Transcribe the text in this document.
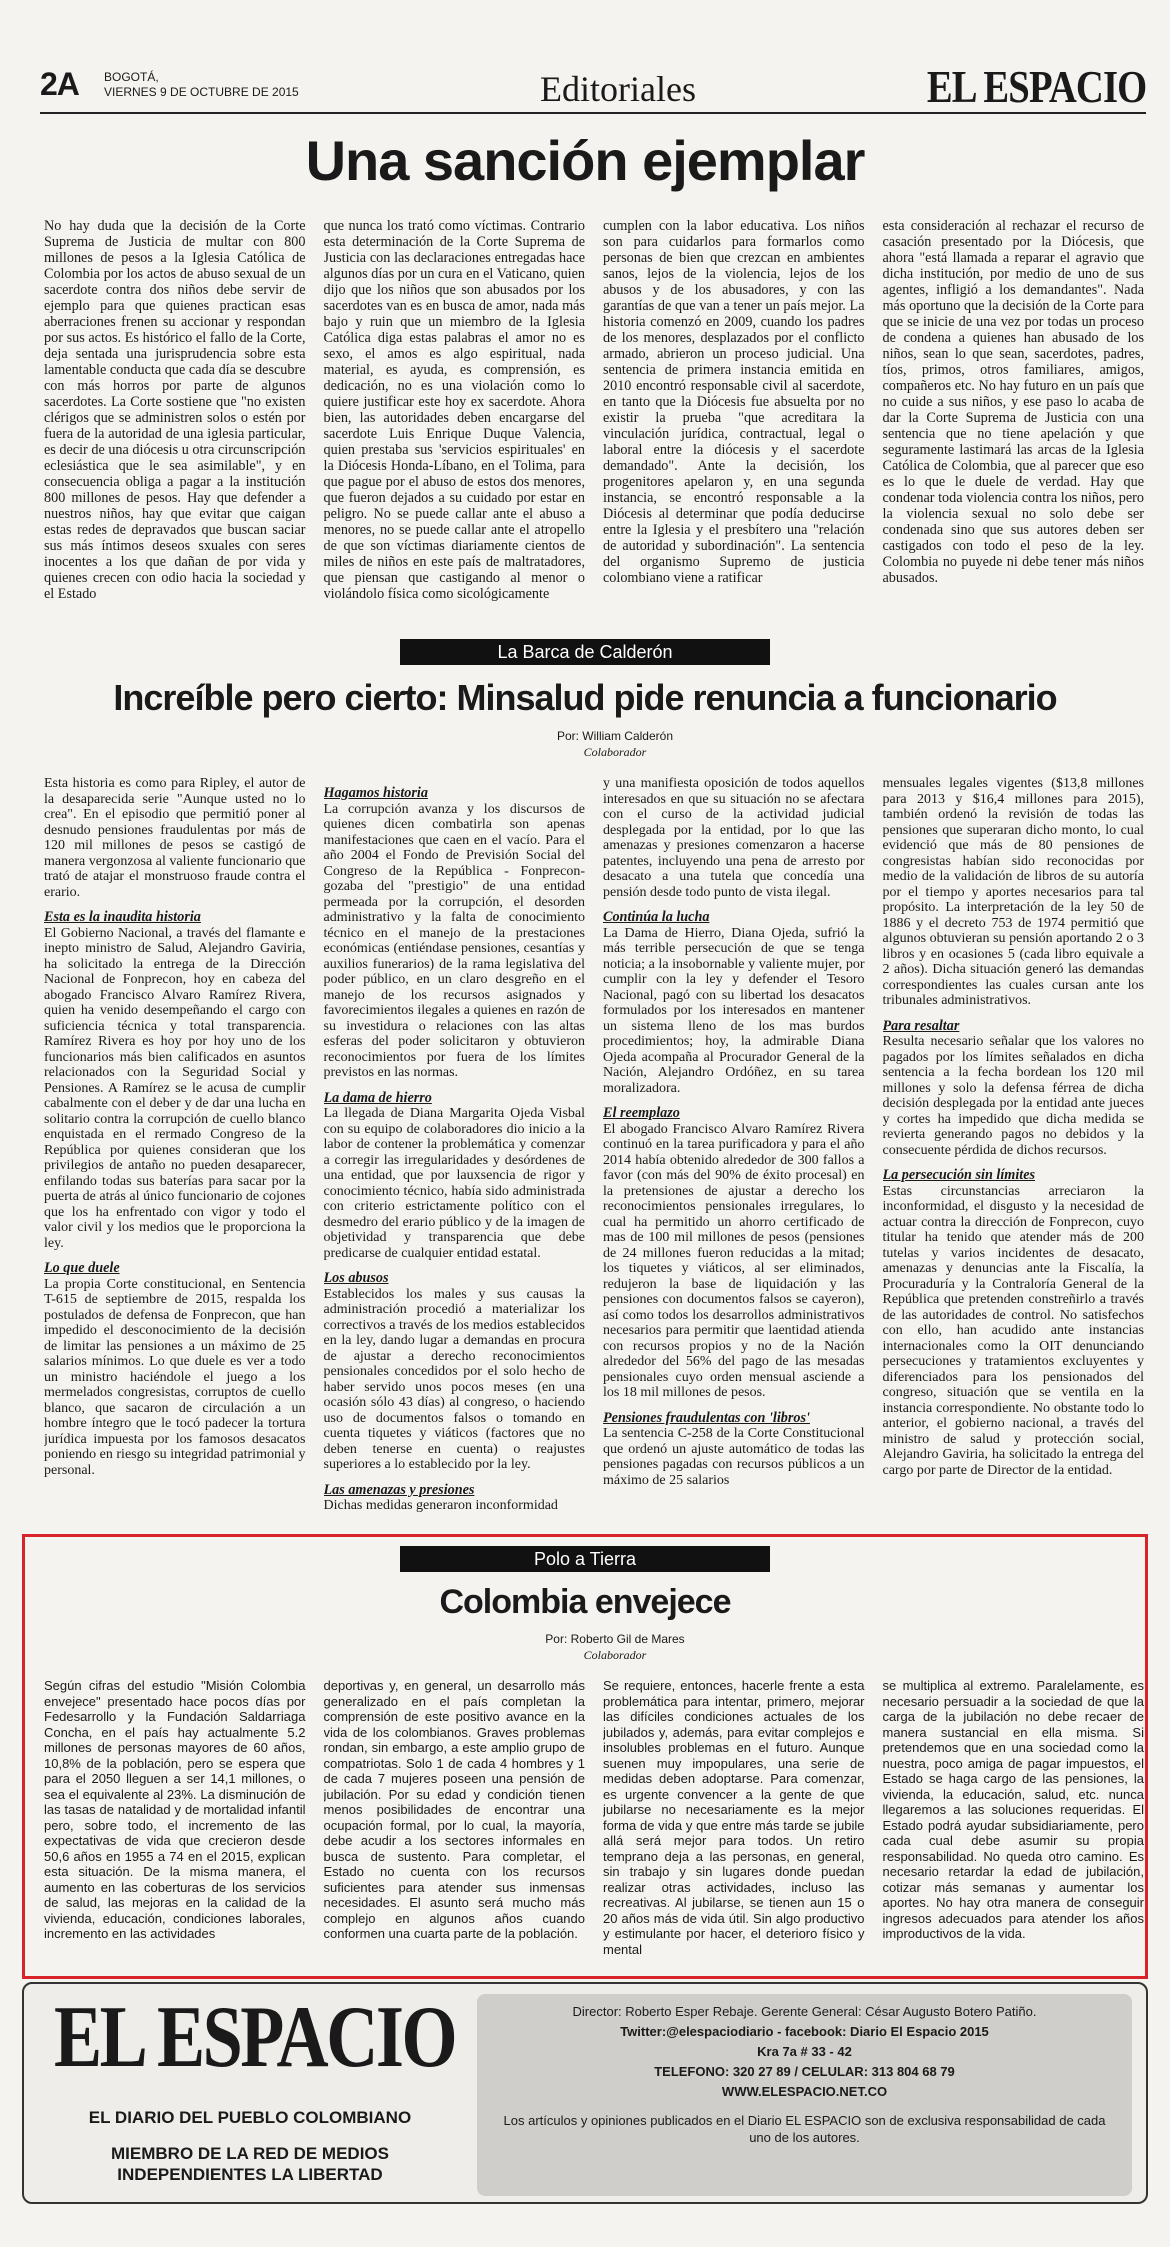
2A BOGOTÁ,
VIERNES 9 DE OCTUBRE DE 2015	Editoriales	EL ESPACIO
Una sanción ejemplar

No hay duda que la decisión de la Corte Suprema de Justicia de multar con 800 millones de pesos a la Iglesia Católica de Colombia por los actos de abuso sexual de un sacerdote contra dos niños debe servir de ejemplo para que quienes practican esas aberraciones frenen su accionar y respondan por sus actos. Es histórico el fallo de la Corte, deja sentada una jurisprudencia sobre esta lamentable conducta que cada día se descubre con más horros por parte de algunos sacerdotes. La Corte sostiene que "no existen clérigos que se administren solos o estén por fuera de la autoridad de una iglesia particular, es decir de una diócesis u otra circunscripción eclesiástica que le sea asimilable", y en consecuencia obliga a pagar a la institución 800 millones de pesos. Hay que defender a nuestros niños, hay que evitar que caigan estas redes de depravados que buscan saciar sus más íntimos deseos sxuales con seres inocentes a los que dañan de por vida y quienes crecen con odio hacia la sociedad y el Estado

que nunca los trató como víctimas. Contrario esta determinación de la Corte Suprema de Justicia con las declaraciones entregadas hace algunos días por un cura en el Vaticano, quien dijo que los niños que son abusados por los sacerdotes van es en busca de amor, nada más bajo y ruin que un miembro de la Iglesia Católica diga estas palabras el amor no es sexo, el amos es algo espiritual, nada material, es ayuda, es comprensión, es dedicación, no es una violación como lo quiere justificar este hoy ex sacerdote. Ahora bien, las autoridades deben encargarse del sacerdote Luis Enrique Duque Valencia, quien prestaba sus 'servicios espirituales' en la Diócesis Honda-Líbano, en el Tolima, para que pague por el abuso de estos dos menores, que fueron dejados a su cuidado por estar en peligro. No se puede callar ante el abuso a menores, no se puede callar ante el atropello de que son víctimas diariamente cientos de miles de niños en este país de maltratadores, que piensan que castigando al menor o violándolo física como sicológicamente

cumplen con la labor educativa. Los niños son para cuidarlos para formarlos como personas de bien que crezcan en ambientes sanos, lejos de la violencia, lejos de los abusos y de los abusadores, y con las garantías de que van a tener un país mejor. La historia comenzó en 2009, cuando los padres de los menores, desplazados por el conflicto armado, abrieron un proceso judicial. Una sentencia de primera instancia emitida en 2010 encontró responsable civil al sacerdote, en tanto que la Diócesis fue absuelta por no existir la prueba "que acreditara la vinculación jurídica, contractual, legal o laboral entre la diócesis y el sacerdote demandado". Ante la decisión, los progenitores apelaron y, en una segunda instancia, se encontró responsable a la Diócesis al determinar que podía deducirse entre la Iglesia y el presbítero una "relación de autoridad y subordinación". La sentencia del organismo Supremo de justicia colombiano viene a ratificar

esta consideración al rechazar el recurso de casación presentado por la Diócesis, que ahora "está llamada a reparar el agravio que dicha institución, por medio de uno de sus agentes, infligió a los demandantes". Nada más oportuno que la decisión de la Corte para que se inicie de una vez por todas un proceso de condena a quienes han abusado de los niños, sean lo que sean, sacerdotes, padres, tíos, primos, otros familiares, amigos, compañeros etc. No hay futuro en un país que no cuide a sus niños, y ese paso lo acaba de dar la Corte Suprema de Justicia con una sentencia que no tiene apelación y que seguramente lastimará las arcas de la Iglesia Católica de Colombia, que al parecer que eso es lo que le duele de verdad. Hay que condenar toda violencia contra los niños, pero la violencia sexual no solo debe ser condenada sino que sus autores deben ser castigados con todo el peso de la ley. Colombia no puyede ni debe tener más niños abusados.

La Barca de Calderón
Increíble pero cierto: Minsalud pide renuncia a funcionario
Por: William Calderón
Colaborador

Esta historia es como para Ripley, el autor de la desaparecida serie "Aunque usted no lo crea". En el episodio que permitió poner al desnudo pensiones fraudulentas por más de 120 mil millones de pesos se castigó de manera vergonzosa al valiente funcionario que trató de atajar el monstruoso fraude contra el erario.

Esta es la inaudita historia

El Gobierno Nacional, a través del flamante e inepto ministro de Salud, Alejandro Gaviria, ha solicitado la entrega de la Dirección Nacional de Fonprecon, hoy en cabeza del abogado Francisco Alvaro Ramírez Rivera, quien ha venido desempeñando el cargo con suficiencia técnica y total transparencia. Ramírez Rivera es hoy por hoy uno de los funcionarios más bien calificados en asuntos relacionados con la Seguridad Social y Pensiones. A Ramírez se le acusa de cumplir cabalmente con el deber y de dar una lucha en solitario contra la corrupción de cuello blanco enquistada en el rermado Congreso de la República por quienes consideran que los privilegios de antaño no pueden desaparecer, enfilando todas sus baterías para sacar por la puerta de atrás al único funcionario de cojones que los ha enfrentado con vigor y todo el valor civil y los medios que le proporciona la ley.

Lo que duele

La propia Corte constitucional, en Sentencia T-615 de septiembre de 2015, respalda los postulados de defensa de Fonprecon, que han impedido el desconocimiento de la decisión de limitar las pensiones a un máximo de 25 salarios mínimos. Lo que duele es ver a todo un ministro haciéndole el juego a los mermelados congresistas, corruptos de cuello blanco, que sacaron de circulación a un hombre íntegro que le tocó padecer la tortura jurídica impuesta por los famosos desacatos poniendo en riesgo su integridad patrimonial y personal.

Hagamos historia

La corrupción avanza y los discursos de quienes dicen combatirla son apenas manifestaciones que caen en el vacío. Para el año 2004 el Fondo de Previsión Social del Congreso de la República - Fonprecon- gozaba del "prestigio" de una entidad permeada por la corrupción, el desorden administrativo y la falta de conocimiento técnico en el manejo de la prestaciones económicas (entiéndase pensiones, cesantías y auxilios funerarios) de la rama legislativa del poder público, en un claro desgreño en el manejo de los recursos asignados y favorecimientos ilegales a quienes en razón de su investidura o relaciones con las altas esferas del poder solicitaron y obtuvieron reconocimientos por fuera de los límites previstos en las normas.

La dama de hierro

La llegada de Diana Margarita Ojeda Visbal con su equipo de colaboradores dio inicio a la labor de contener la problemática y comenzar a corregir las irregularidades y desórdenes de una entidad, que por lauxsencia de rigor y conocimiento técnico, había sido administrada con criterio estrictamente político con el desmedro del erario público y de la imagen de objetividad y transparencia que debe predicarse de cualquier entidad estatal.

Los abusos

Establecidos los males y sus causas la administración procedió a materializar los correctivos a través de los medios establecidos en la ley, dando lugar a demandas en procura de ajustar a derecho reconocimientos pensionales concedidos por el solo hecho de haber servido unos pocos meses (en una ocasión sólo 43 días) al congreso, o haciendo uso de documentos falsos o tomando en cuenta tiquetes y viáticos (factores que no deben tenerse en cuenta) o reajustes superiores a lo establecido por la ley.

Las amenazas y presiones

Dichas medidas generaron inconformidad

y una manifiesta oposición de todos aquellos interesados en que su situación no se afectara con el curso de la actividad judicial desplegada por la entidad, por lo que las amenazas y presiones comenzaron a hacerse patentes, incluyendo una pena de arresto por desacato a una tutela que concedía una pensión desde todo punto de vista ilegal.

Continúa la lucha

La Dama de Hierro, Diana Ojeda, sufrió la más terrible persecución de que se tenga noticia; a la insobornable y valiente mujer, por cumplir con la ley y defender el Tesoro Nacional, pagó con su libertad los desacatos formulados por los interesados en mantener un sistema lleno de los mas burdos procedimientos; hoy, la admirable Diana Ojeda acompaña al Procurador General de la Nación, Alejandro Ordóñez, en su tarea moralizadora.

El reemplazo

El abogado Francisco Alvaro Ramírez Rivera continuó en la tarea purificadora y para el año 2014 había obtenido alrededor de 300 fallos a favor (con más del 90% de éxito procesal) en la pretensiones de ajustar a derecho los reconocimientos pensionales irregulares, lo cual ha permitido un ahorro certificado de mas de 100 mil millones de pesos (pensiones de 24 millones fueron reducidas a la mitad; los tiquetes y viáticos, al ser eliminados, redujeron la base de liquidación y las pensiones con documentos falsos se cayeron), así como todos los desarrollos administrativos necesarios para permitir que laentidad atienda con recursos propios y no de la Nación alrededor del 56% del pago de las mesadas pensionales cuyo orden mensual asciende a los 18 mil millones de pesos.

Pensiones fraudulentas con 'libros'

La sentencia C-258 de la Corte Constitucional que ordenó un ajuste automático de todas las pensiones pagadas con recursos públicos a un máximo de 25 salarios

mensuales legales vigentes ($13,8 millones para 2013 y $16,4 millones para 2015), también ordenó la revisión de todas las pensiones que superaran dicho monto, lo cual evidenció que más de 80 pensiones de congresistas habían sido reconocidas por medio de la validación de libros de su autoría por el tiempo y aportes necesarios para tal propósito. La interpretación de la ley 50 de 1886 y el decreto 753 de 1974 permitió que algunos obtuvieran su pensión aportando 2 o 3 libros y en ocasiones 5 (cada libro equivale a 2 años). Dicha situación generó las demandas correspondientes las cuales cursan ante los tribunales administrativos.

Para resaltar

Resulta necesario señalar que los valores no pagados por los límites señalados en dicha sentencia a la fecha bordean los 120 mil millones y solo la defensa férrea de dicha decisión desplegada por la entidad ante jueces y cortes ha impedido que dicha medida se revierta generando pagos no debidos y la consecuente pérdida de dichos recursos.

La persecución sin límites

Estas circunstancias arreciaron la inconformidad, el disgusto y la necesidad de actuar contra la dirección de Fonprecon, cuyo titular ha tenido que atender más de 200 tutelas y varios incidentes de desacato, amenazas y denuncias ante la Fiscalía, la Procuraduría y la Contraloría General de la República que pretenden constreñirlo a través de las autoridades de control. No satisfechos con ello, han acudido ante instancias internacionales como la OIT denunciando persecuciones y tratamientos excluyentes y diferenciados para los pensionados del congreso, situación que se ventila en la instancia correspondiente. No obstante todo lo anterior, el gobierno nacional, a través del ministro de salud y protección social, Alejandro Gaviria, ha solicitado la entrega del cargo por parte de Director de la entidad.

Polo a Tierra
Colombia envejece
Por: Roberto Gil de Mares
Colaborador

Según cifras del estudio "Misión Colombia envejece" presentado hace pocos días por Fedesarrollo y la Fundación Saldarriaga Concha, en el país hay actualmente 5.2 millones de personas mayores de 60 años, 10,8% de la población, pero se espera que para el 2050 lleguen a ser 14,1 millones, o sea el equivalente al 23%. La disminución de las tasas de natalidad y de mortalidad infantil pero, sobre todo, el incremento de las expectativas de vida que crecieron desde 50,6 años en 1955 a 74 en el 2015, explican esta situación. De la misma manera, el aumento en las coberturas de los servicios de salud, las mejoras en la calidad de la vivienda, educación, condiciones laborales, incremento en las actividades

deportivas y, en general, un desarrollo más generalizado en el país completan la comprensión de este positivo avance en la vida de los colombianos. Graves problemas rondan, sin embargo, a este amplio grupo de compatriotas. Solo 1 de cada 4 hombres y 1 de cada 7 mujeres poseen una pensión de jubilación. Por su edad y condición tienen menos posibilidades de encontrar una ocupación formal, por lo cual, la mayoría, debe acudir a los sectores informales en busca de sustento. Para completar, el Estado no cuenta con los recursos suficientes para atender sus inmensas necesidades. El asunto será mucho más complejo en algunos años cuando conformen una cuarta parte de la población.

Se requiere, entonces, hacerle frente a esta problemática para intentar, primero, mejorar las difíciles condiciones actuales de los jubilados y, además, para evitar complejos e insolubles problemas en el futuro. Aunque suenen muy impopulares, una serie de medidas deben adoptarse. Para comenzar, es urgente convencer a la gente de que jubilarse no necesariamente es la mejor forma de vida y que entre más tarde se jubile allá será mejor para todos. Un retiro temprano deja a las personas, en general, sin trabajo y sin lugares donde puedan realizar otras actividades, incluso las recreativas. Al jubilarse, se tienen aun 15 o 20 años más de vida útil. Sin algo productivo y estimulante por hacer, el deterioro físico y mental

se multiplica al extremo. Paralelamente, es necesario persuadir a la sociedad de que la carga de la jubilación no debe recaer de manera sustancial en ella misma. Si pretendemos que en una sociedad como la nuestra, poco amiga de pagar impuestos, el Estado se haga cargo de las pensiones, la vivienda, la educación, salud, etc. nunca llegaremos a las soluciones requeridas. El Estado podrá ayudar subsidiariamente, pero cada cual debe asumir su propia responsabilidad. No queda otro camino. Es necesario retardar la edad de jubilación, cotizar más semanas y aumentar los aportes. No hay otra manera de conseguir ingresos adecuados para atender los años improductivos de la vida.

EL ESPACIO
EL DIARIO DEL PUEBLO COLOMBIANO
MIEMBRO DE LA RED DE MEDIOS INDEPENDIENTES LA LIBERTAD
Director: Roberto Esper Rebaje. Gerente General: César Augusto Botero Patiño.
Twitter:@elespaciodiario - facebook: Diario El Espacio 2015
Kra 7a # 33 - 42
TELEFONO: 320 27 89 / CELULAR: 313 804 68 79
WWW.ELESPACIO.NET.CO
Los artículos y opiniones publicados en el Diario EL ESPACIO son de exclusiva responsabilidad de cada uno de los autores.
